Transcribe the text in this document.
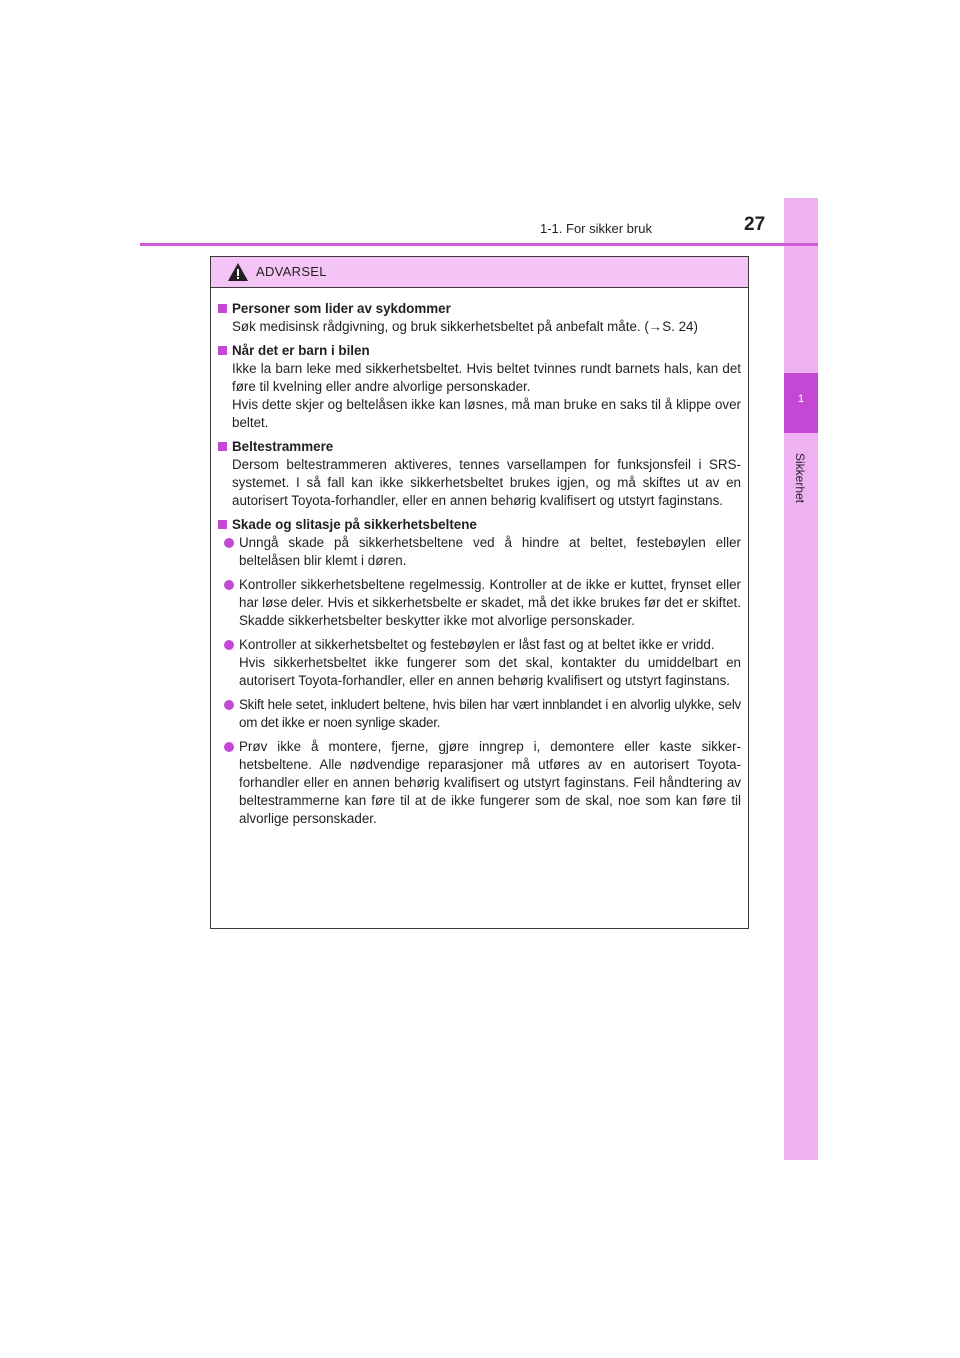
1
Sikkerhet
1-1. For sikker bruk	27
ADVARSEL
Personer som lider av sykdommer
Søk medisinsk rådgivning, og bruk sikkerhetsbeltet på anbefalt måte. (→S. 24)
Når det er barn i bilen
Ikke la barn leke med sikkerhetsbeltet. Hvis beltet tvinnes rundt barnets hals, kan det føre til kvelning eller andre alvorlige personskader.
Hvis dette skjer og beltelåsen ikke kan løsnes, må man bruke en saks til å klippe over beltet.
Beltestrammere
Dersom beltestrammeren aktiveres, tennes varsellampen for funksjonsfeil i SRS-systemet. I så fall kan ikke sikkerhetsbeltet brukes igjen, og må skiftes ut av en autorisert Toyota-forhandler, eller en annen behørig kvalifisert og utstyrt faginstans.
Skade og slitasje på sikkerhetsbeltene
Unngå skade på sikkerhetsbeltene ved å hindre at beltet, festebøylen eller beltelåsen blir klemt i døren.
Kontroller sikkerhetsbeltene regelmessig. Kontroller at de ikke er kuttet, frynset eller har løse deler. Hvis et sikkerhetsbelte er skadet, må det ikke brukes før det er skiftet. Skadde sikkerhetsbelter beskytter ikke mot alvorlige personskader.
Kontroller at sikkerhetsbeltet og festebøylen er låst fast og at beltet ikke er vridd.
Hvis sikkerhetsbeltet ikke fungerer som det skal, kontakter du umiddelbart en autorisert Toyota-forhandler, eller en annen behørig kvalifisert og utstyrt faginstans.
Skift hele setet, inkludert beltene, hvis bilen har vært innblandet i en alvorlig ulykke, selv om det ikke er noen synlige skader.
Prøv ikke å montere, fjerne, gjøre inngrep i, demontere eller kaste sikker-hetsbeltene. Alle nødvendige reparasjoner må utføres av en autorisert Toyota-forhandler eller en annen behørig kvalifisert og utstyrt faginstans. Feil håndtering av beltestrammerne kan føre til at de ikke fungerer som de skal, noe som kan føre til alvorlige personskader.
